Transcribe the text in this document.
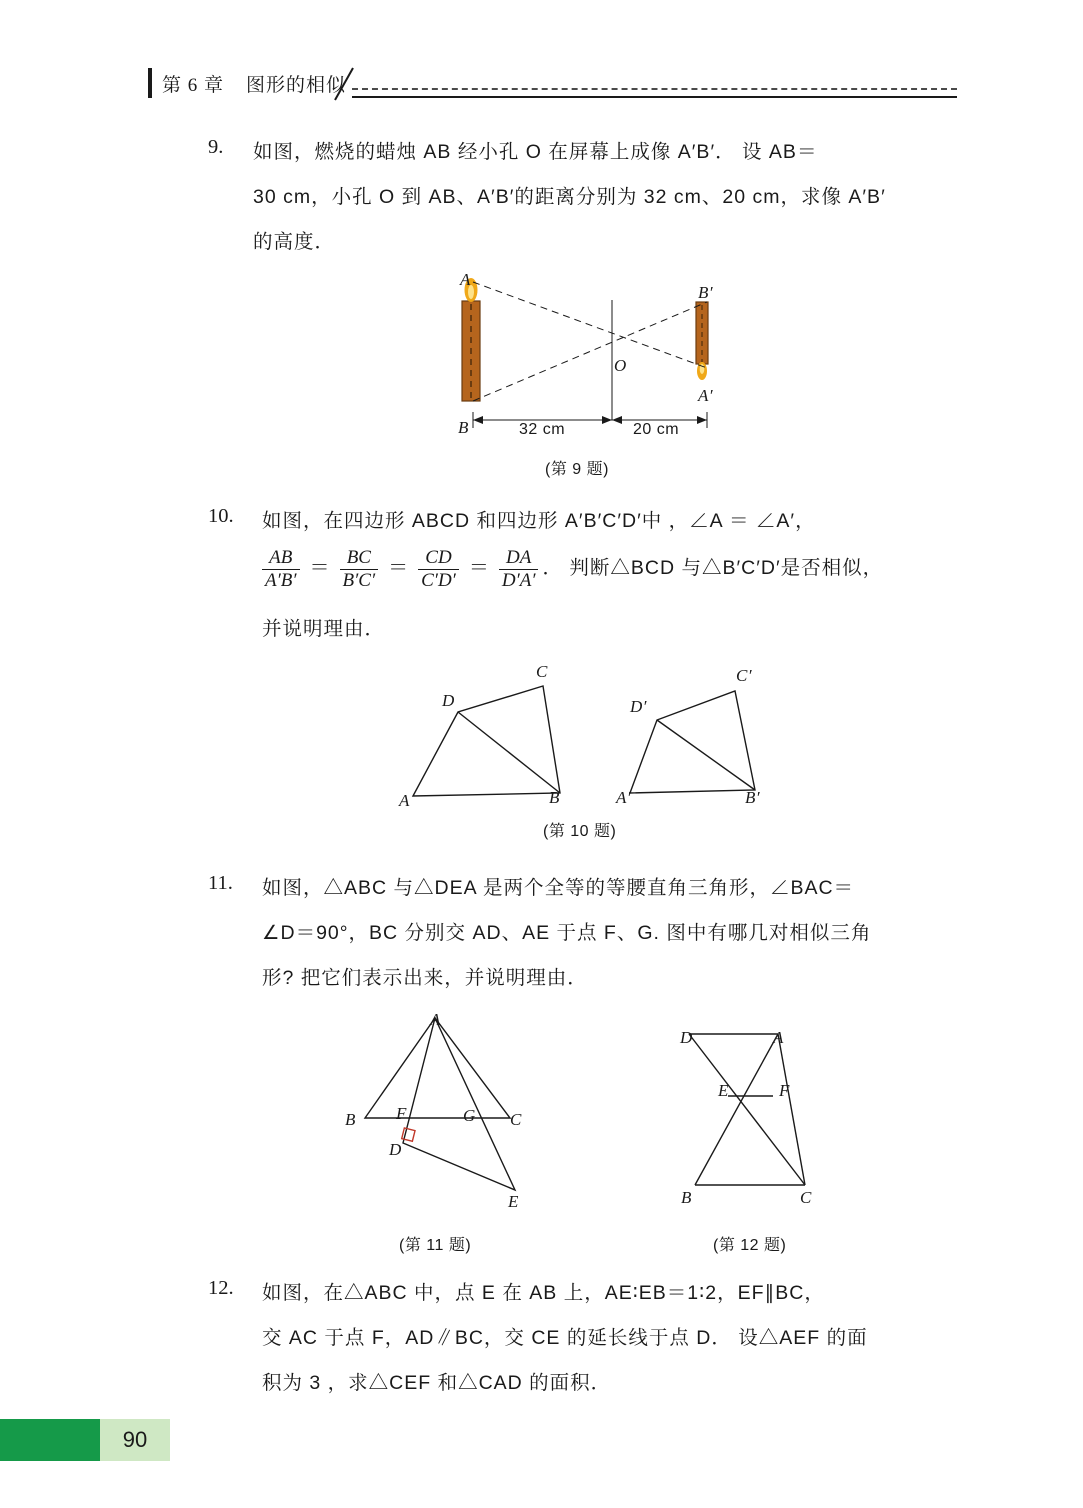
第 6 章 图形的相似
9. 如图，燃烧的蜡烛 AB 经小孔 O 在屏幕上成像 A′B′． 设 AB＝
30 cm，小孔 O 到 AB、A′B′的距离分别为 32 cm、20 cm，求像 A′B′
的高度．
A
B
O
B′
A′
32 cm	20 cm
(第 9 题)
10. 如图，在四边形 ABCD 和四边形 A′B′C′D′中 ，∠A ＝ ∠A′，
$\frac{AB}{A'B'} = \frac{BC}{B'C'} = \frac{CD}{C'D'} = \frac{DA}{D'A'}$ ． 判断△BCD 与△B′C′D′是否相似，
并说明理由．
A	B
C
D
A′	B′
C′
D′
(第 10 题)
11. 如图，△ABC 与△DEA 是两个全等的等腰直角三角形，∠BAC＝
∠D＝90°，BC 分别交 AD、AE 于点 F、G. 图中有哪几对相似三角
形? 把它们表示出来，并说明理由．
A
B	C
F	G
D
E
(第 11 题)
D	A
E	F
B	C
(第 12 题)
12. 如图，在△ABC 中，点 E 在 AB 上，AE∶EB＝1∶2，EF∥BC，
交 AC 于点 F，AD∥BC，交 CE 的延长线于点 D． 设△AEF 的面
积为 3 ，求△CEF 和△CAD 的面积．
90
